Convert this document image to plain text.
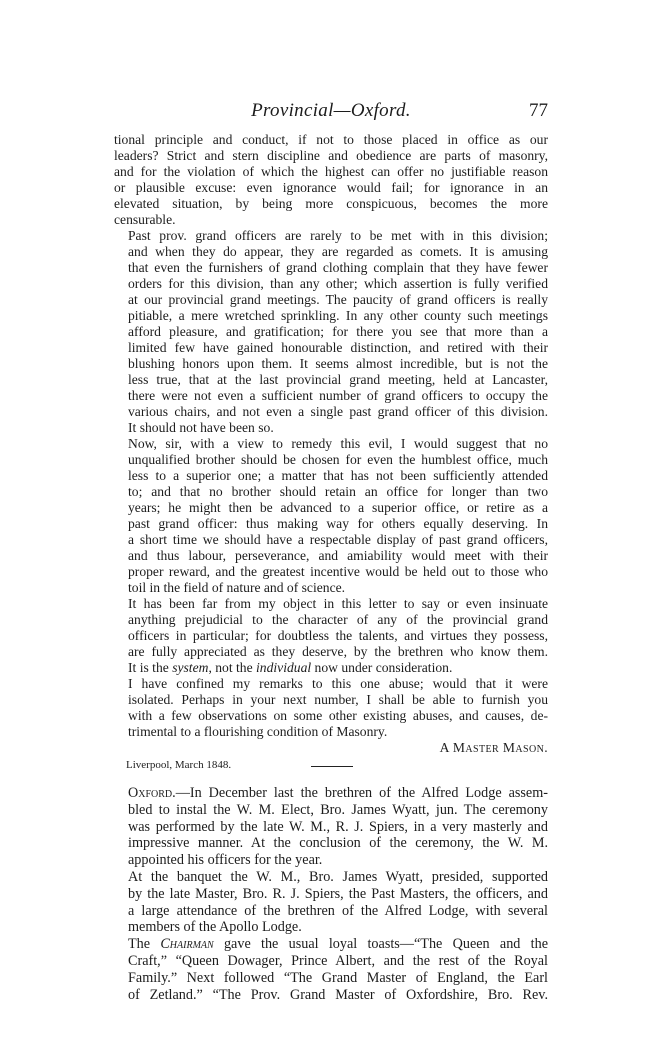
Provincial—Oxford.	77

tional principle and conduct, if not to those placed in office as our
leaders? Strict and stern discipline and obedience are parts of masonry,
and for the violation of which the highest can offer no justifiable reason
or plausible excuse: even ignorance would fail; for ignorance in an
elevated situation, by being more conspicuous, becomes the more
censurable.

Past prov. grand officers are rarely to be met with in this division;
and when they do appear, they are regarded as comets. It is amusing
that even the furnishers of grand clothing complain that they have fewer
orders for this division, than any other; which assertion is fully verified
at our provincial grand meetings. The paucity of grand officers is really
pitiable, a mere wretched sprinkling. In any other county such meetings
afford pleasure, and gratification; for there you see that more than a
limited few have gained honourable distinction, and retired with their
blushing honors upon them. It seems almost incredible, but is not the
less true, that at the last provincial grand meeting, held at Lancaster,
there were not even a sufficient number of grand officers to occupy the
various chairs, and not even a single past grand officer of this division.
It should not have been so.

Now, sir, with a view to remedy this evil, I would suggest that no
unqualified brother should be chosen for even the humblest office, much
less to a superior one; a matter that has not been sufficiently attended
to; and that no brother should retain an office for longer than two
years; he might then be advanced to a superior office, or retire as a
past grand officer: thus making way for others equally deserving. In
a short time we should have a respectable display of past grand officers,
and thus labour, perseverance, and amiability would meet with their
proper reward, and the greatest incentive would be held out to those who
toil in the field of nature and of science.

It has been far from my object in this letter to say or even insinuate
anything prejudicial to the character of any of the provincial grand
officers in particular; for doubtless the talents, and virtues they possess,
are fully appreciated as they deserve, by the brethren who know them.
It is the system, not the individual now under consideration.

I have confined my remarks to this one abuse; would that it were
isolated. Perhaps in your next number, I shall be able to furnish you
with a few observations on some other existing abuses, and causes, de-
trimental to a flourishing condition of Masonry.

A Master Mason.
Liverpool, March 1848.

Oxford.—In December last the brethren of the Alfred Lodge assem-
bled to instal the W. M. Elect, Bro. James Wyatt, jun. The ceremony
was performed by the late W. M., R. J. Spiers, in a very masterly and
impressive manner. At the conclusion of the ceremony, the W. M.
appointed his officers for the year.

At the banquet the W. M., Bro. James Wyatt, presided, supported
by the late Master, Bro. R. J. Spiers, the Past Masters, the officers, and
a large attendance of the brethren of the Alfred Lodge, with several
members of the Apollo Lodge.

The Chairman gave the usual loyal toasts—“The Queen and the
Craft,” “Queen Dowager, Prince Albert, and the rest of the Royal
Family.” Next followed “The Grand Master of England, the Earl
of Zetland.” “The Prov. Grand Master of Oxfordshire, Bro. Rev.
